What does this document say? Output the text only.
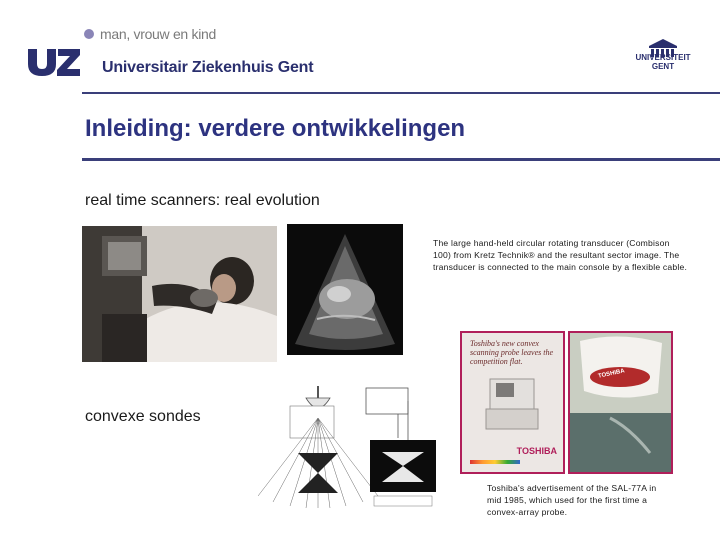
man, vrouw en kind
Universitair Ziekenhuis Gent
UNIVERSITEIT
GENT
Inleiding: verdere ontwikkelingen
real time scanners: real evolution
The large hand-held circular rotating transducer (Combison 100) from Kretz Technik® and the resultant sector image. The transducer is connected to the main console by a flexible cable.
Toshiba's new convex scanning probe leaves the competition flat.
TOSHIBA
TOSHIBA
convexe sondes
Toshiba's advertisement of the SAL-77A in mid 1985, which used for the first time a convex-array probe.
